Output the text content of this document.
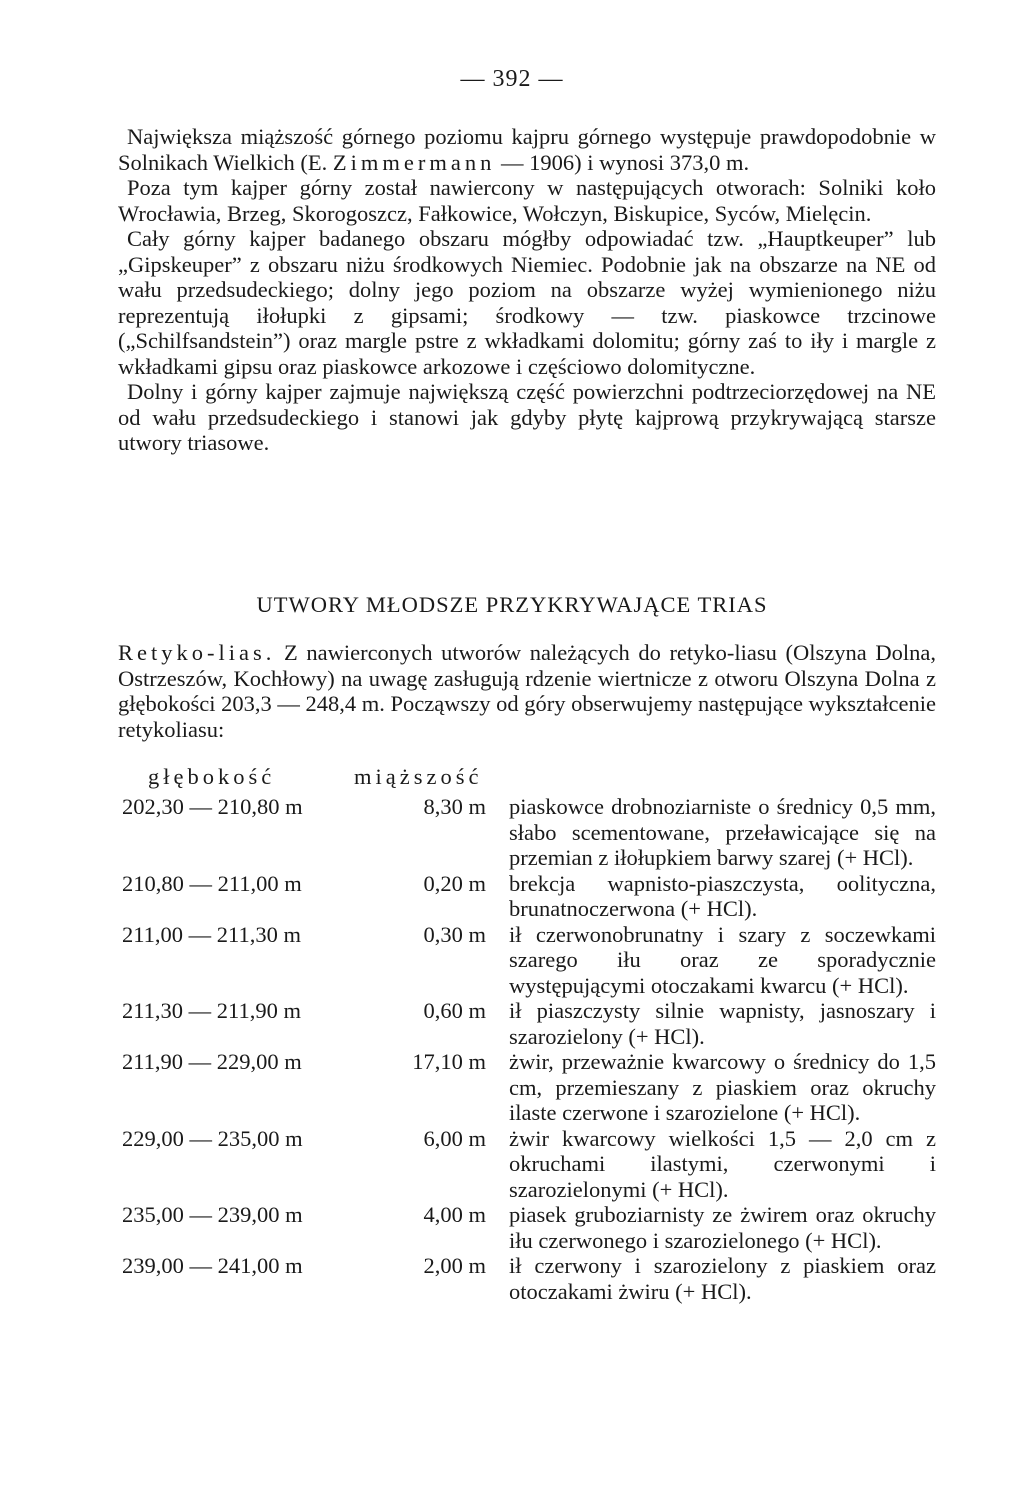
— 392 —

Największa miąższość górnego poziomu kajpru górnego występuje prawdopodobnie w Solnikach Wielkich (E. Zimmermann — 1906) i wynosi 373,0 m.

Poza tym kajper górny został nawiercony w następujących otworach: Solniki koło Wrocławia, Brzeg, Skorogoszcz, Fałkowice, Wołczyn, Biskupice, Syców, Mielęcin.

Cały górny kajper badanego obszaru mógłby odpowiadać tzw. „Hauptkeuper” lub „Gipskeuper” z obszaru niżu środkowych Niemiec. Podobnie jak na obszarze na NE od wału przedsudeckiego; dolny jego poziom na obszarze wyżej wymienionego niżu reprezentują iłołupki z gipsami; środkowy — tzw. piaskowce trzcinowe („Schilfsandstein”) oraz margle pstre z wkładkami dolomitu; górny zaś to iły i margle z wkładkami gipsu oraz piaskowce arkozowe i częściowo dolomityczne.

Dolny i górny kajper zajmuje największą część powierzchni podtrzeciorzędowej na NE od wału przedsudeckiego i stanowi jak gdyby płytę kajprową przykrywającą starsze utwory triasowe.

UTWORY MŁODSZE PRZYKRYWAJĄCE TRIAS

Retyko-lias. Z nawierconych utworów należących do retyko-liasu (Olszyna Dolna, Ostrzeszów, Kochłowy) na uwagę zasługują rdzenie wiertnicze z otworu Olszyna Dolna z głębokości 203,3 — 248,4 m. Począwszy od góry obserwujemy następujące wykształcenie retykoliasu:

głębokość	miąższość
202,30 — 210,80 m	8,30 m piaskowce drobnoziarniste o średnicy 0,5 mm, słabo scementowane, przeławicające się na przemian z iłołupkiem barwy szarej (+ HCl).
210,80 — 211,00 m	0,20 m brekcja wapnisto-piaszczysta, oolityczna, brunatnoczerwona (+ HCl).
211,00 — 211,30 m	0,30 m ił czerwonobrunatny i szary z soczewkami szarego iłu oraz ze sporadycznie występującymi otoczakami kwarcu (+ HCl).
211,30 — 211,90 m	0,60 m ił piaszczysty silnie wapnisty, jasnoszary i szarozielony (+ HCl).
211,90 — 229,00 m	17,10 m żwir, przeważnie kwarcowy o średnicy do 1,5 cm, przemieszany z piaskiem oraz okruchy ilaste czerwone i szarozielone (+ HCl).
229,00 — 235,00 m	6,00 m żwir kwarcowy wielkości 1,5 — 2,0 cm z okruchami ilastymi, czerwonymi i szarozielonymi (+ HCl).
235,00 — 239,00 m	4,00 m piasek gruboziarnisty ze żwirem oraz okruchy iłu czerwonego i szarozielonego (+ HCl).
239,00 — 241,00 m	2,00 m ił czerwony i szarozielony z piaskiem oraz otoczakami żwiru (+ HCl).
